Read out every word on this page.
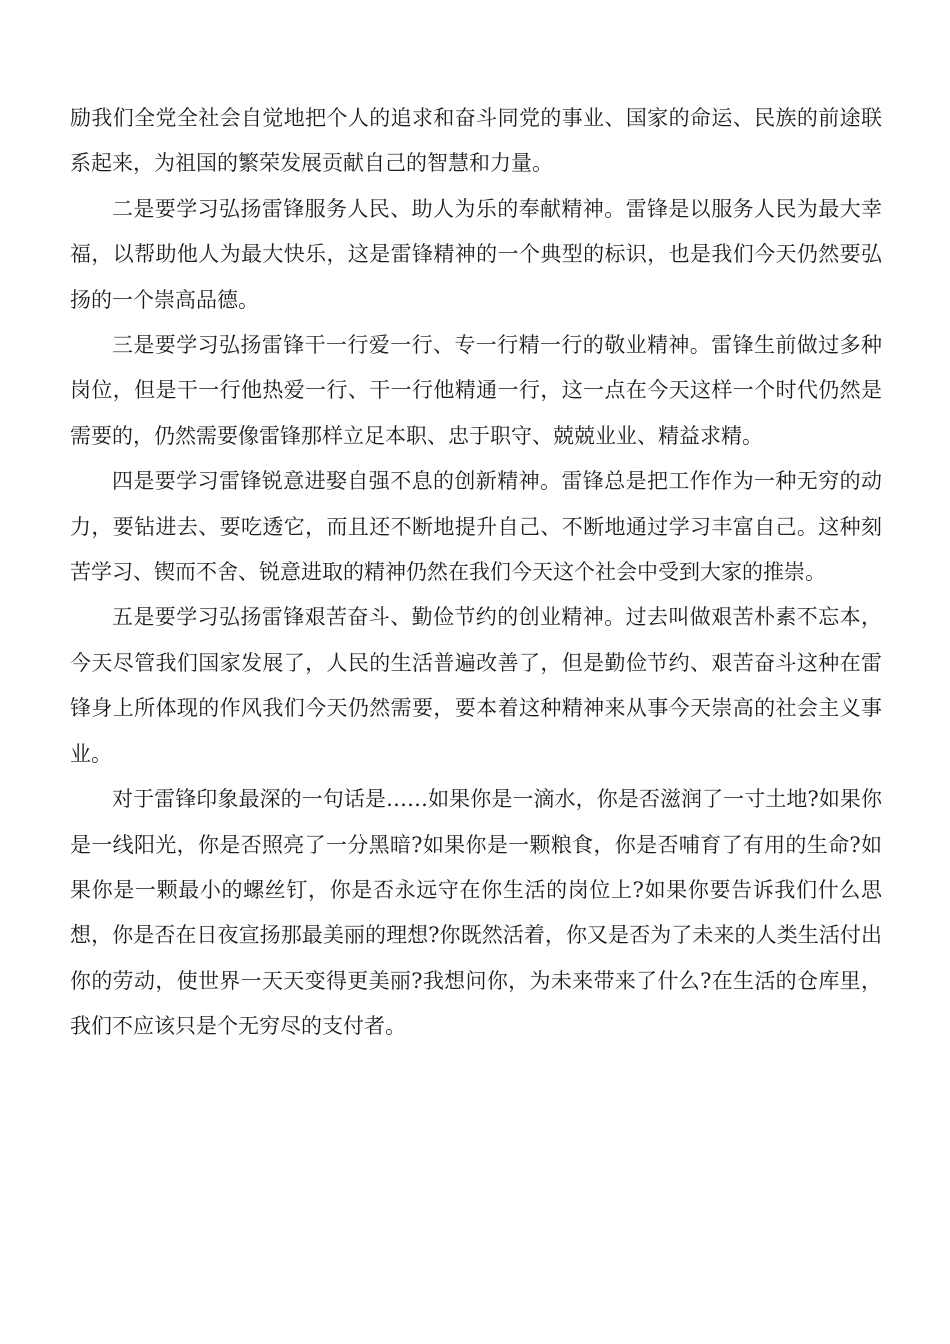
励我们全党全社会自觉地把个人的追求和奋斗同党的事业、国家的命运、民族的前途联系起来，为祖国的繁荣发展贡献自己的智慧和力量。

二是要学习弘扬雷锋服务人民、助人为乐的奉献精神。雷锋是以服务人民为最大幸福，以帮助他人为最大快乐，这是雷锋精神的一个典型的标识，也是我们今天仍然要弘扬的一个崇高品德。

三是要学习弘扬雷锋干一行爱一行、专一行精一行的敬业精神。雷锋生前做过多种岗位，但是干一行他热爱一行、干一行他精通一行，这一点在今天这样一个时代仍然是需要的，仍然需要像雷锋那样立足本职、忠于职守、兢兢业业、精益求精。

四是要学习雷锋锐意进娶自强不息的创新精神。雷锋总是把工作作为一种无穷的动力，要钻进去、要吃透它，而且还不断地提升自己、不断地通过学习丰富自己。这种刻苦学习、锲而不舍、锐意进取的精神仍然在我们今天这个社会中受到大家的推崇。

五是要学习弘扬雷锋艰苦奋斗、勤俭节约的创业精神。过去叫做艰苦朴素不忘本，今天尽管我们国家发展了，人民的生活普遍改善了，但是勤俭节约、艰苦奋斗这种在雷锋身上所体现的作风我们今天仍然需要，要本着这种精神来从事今天崇高的社会主义事业。

对于雷锋印象最深的一句话是……如果你是一滴水，你是否滋润了一寸土地?如果你是一线阳光，你是否照亮了一分黑暗?如果你是一颗粮食，你是否哺育了有用的生命?如果你是一颗最小的螺丝钉，你是否永远守在你生活的岗位上?如果你要告诉我们什么思想，你是否在日夜宣扬那最美丽的理想?你既然活着，你又是否为了未来的人类生活付出你的劳动，使世界一天天变得更美丽?我想问你，为未来带来了什么?在生活的仓库里，我们不应该只是个无穷尽的支付者。
